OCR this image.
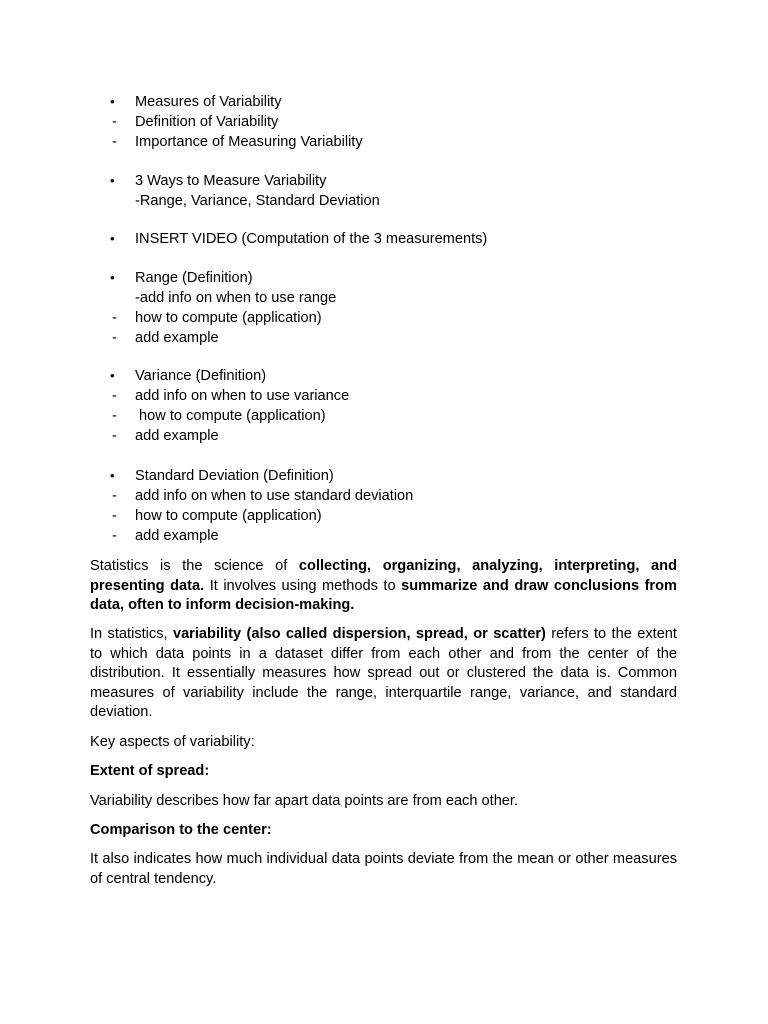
•	Measures of Variability
-	Definition of Variability
-	Importance of Measuring Variability
•	3 Ways to Measure Variability
-Range, Variance, Standard Deviation
•	INSERT VIDEO (Computation of the 3 measurements)
•	Range (Definition)
-add info on when to use range
-	how to compute (application)
-	add example
•	Variance (Definition)
-	add info on when to use variance
-	how to compute (application)
-	add example
•	Standard Deviation (Definition)
-	add info on when to use standard deviation
-	how to compute (application)
-	add example

Statistics is the science of collecting, organizing, analyzing, interpreting, and presenting data. It involves using methods to summarize and draw conclusions from data, often to inform decision-making.

In statistics, variability (also called dispersion, spread, or scatter) refers to the extent to which data points in a dataset differ from each other and from the center of the distribution. It essentially measures how spread out or clustered the data is. Common measures of variability include the range, interquartile range, variance, and standard deviation.

Key aspects of variability:

Extent of spread:

Variability describes how far apart data points are from each other.

Comparison to the center:

It also indicates how much individual data points deviate from the mean or other measures of central tendency.
